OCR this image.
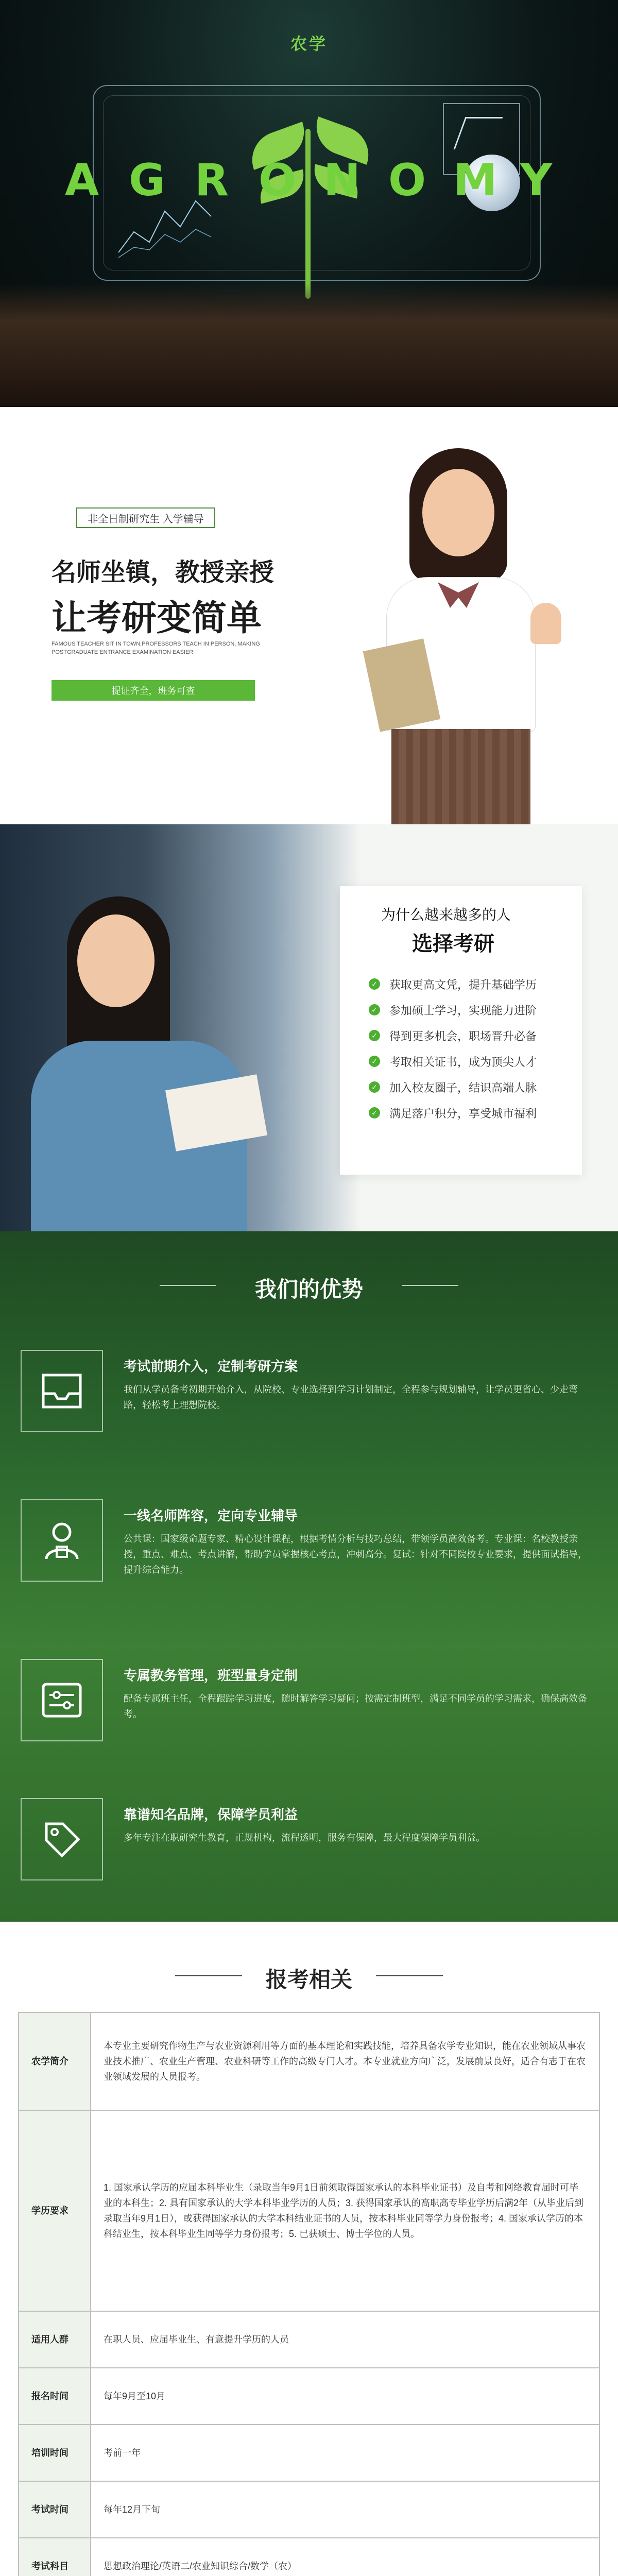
农学
A G R O N O M Y
非全日制研究生 入学辅导
名师坐镇，教授亲授
让考研变简单
FAMOUS TEACHER SIT IN TOWN,PROFESSORS TEACH IN PERSON, MAKING POSTGRADUATE ENTRANCE EXAMINATION EASIER
提证齐全，班务可查
为什么越来越多的人
选择考研
✓ 获取更高文凭，提升基础学历
✓ 参加硕士学习，实现能力进阶
✓ 得到更多机会，职场晋升必备
✓ 考取相关证书，成为顶尖人才
✓ 加入校友圈子，结识高端人脉
✓ 满足落户积分，享受城市福利
我们的优势
考试前期介入，定制考研方案
我们从学员备考初期开始介入，从院校、专业选择到学习计划制定，全程参与规划辅导，让学员更省心、少走弯路，轻松考上理想院校。
一线名师阵容，定向专业辅导
公共课：国家级命题专家、精心设计课程，根据考情分析与技巧总结，带领学员高效备考。专业课：名校教授亲授，重点、难点、考点讲解，帮助学员掌握核心考点，冲刺高分。复试：针对不同院校专业要求，提供面试指导，提升综合能力。
专属教务管理，班型量身定制
配备专属班主任，全程跟踪学习进度，随时解答学习疑问；按需定制班型，满足不同学员的学习需求，确保高效备考。
靠谱知名品牌，保障学员利益
多年专注在职研究生教育，正规机构，流程透明，服务有保障，最大程度保障学员利益。
报考相关
农学简介	本专业主要研究作物生产与农业资源利用等方面的基本理论和实践技能，培养具备农学专业知识，能在农业领域从事农业技术推广、农业生产管理、农业科研等工作的高级专门人才。本专业就业方向广泛，发展前景良好，适合有志于在农业领域发展的人员报考。
学历要求	1. 国家承认学历的应届本科毕业生（录取当年9月1日前须取得国家承认的本科毕业证书）及自考和网络教育届时可毕业的本科生；2. 具有国家承认的大学本科毕业学历的人员；3. 获得国家承认的高职高专毕业学历后满2年（从毕业后到录取当年9月1日），或获得国家承认的大学本科结业证书的人员，按本科毕业同等学力身份报考；4. 国家承认学历的本科结业生，按本科毕业生同等学力身份报考；5. 已获硕士、博士学位的人员。
适用人群	在职人员、应届毕业生、有意提升学历的人员
报名时间	每年9月至10月
培训时间	考前一年
考试时间	每年12月下旬
考试科目	思想政治理论/英语二/农业知识综合/数学（农）
